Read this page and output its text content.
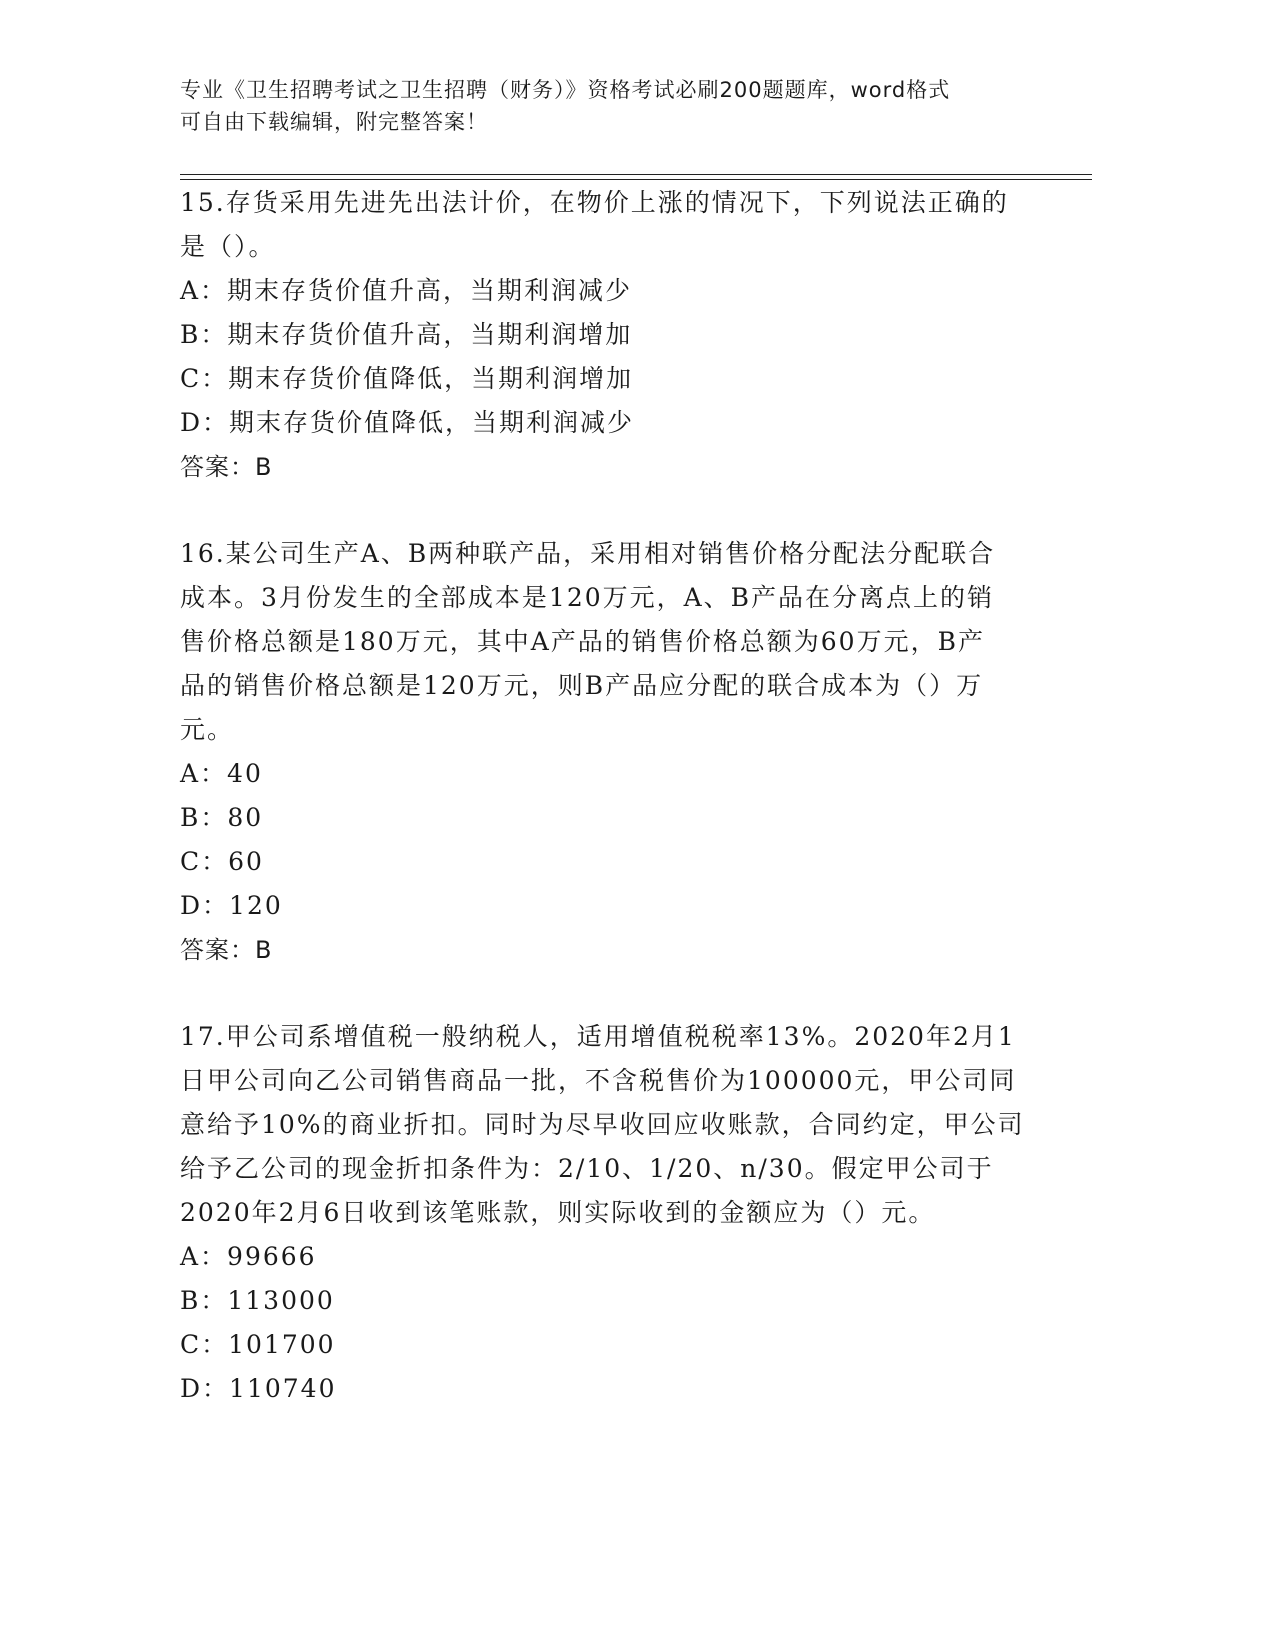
专业《卫生招聘考试之卫生招聘（财务）》资格考试必刷200题题库，word格式
可自由下载编辑，附完整答案！

15.存货采用先进先出法计价，在物价上涨的情况下，下列说法正确的

是（）。

A：期末存货价值升高，当期利润减少

B：期末存货价值升高，当期利润增加

C：期末存货价值降低，当期利润增加

D：期末存货价值降低，当期利润减少

答案：B

16.某公司生产A、B两种联产品，采用相对销售价格分配法分配联合

成本。3月份发生的全部成本是120万元，A、B产品在分离点上的销

售价格总额是180万元，其中A产品的销售价格总额为60万元，B产

品的销售价格总额是120万元，则B产品应分配的联合成本为（）万

元。

A：40

B：80

C：60

D：120

答案：B

17.甲公司系增值税一般纳税人，适用增值税税率13%。2020年2月1

日甲公司向乙公司销售商品一批，不含税售价为100000元，甲公司同

意给予10%的商业折扣。同时为尽早收回应收账款，合同约定，甲公司

给予乙公司的现金折扣条件为：2/10、1/20、n/30。假定甲公司于

2020年2月6日收到该笔账款，则实际收到的金额应为（）元。

A：99666

B：113000

C：101700

D：110740
